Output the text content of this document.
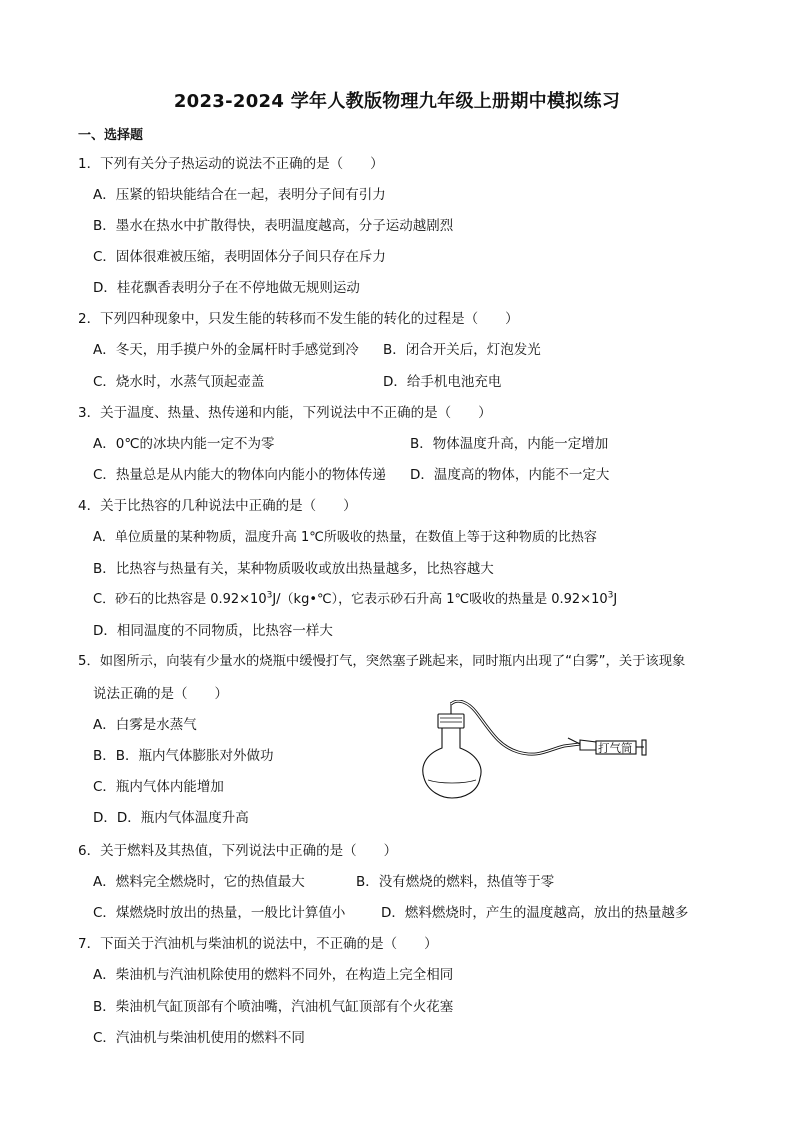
2023-2024 学年人教版物理九年级上册期中模拟练习
一、选择题
1．下列有关分子热运动的说法不正确的是（　　）
A．压紧的铅块能结合在一起，表明分子间有引力
B．墨水在热水中扩散得快，表明温度越高，分子运动越剧烈
C．固体很难被压缩，表明固体分子间只存在斥力
D．桂花飘香表明分子在不停地做无规则运动
2．下列四种现象中，只发生能的转移而不发生能的转化的过程是（　　）
A．冬天，用手摸户外的金属杆时手感觉到冷 B．闭合开关后，灯泡发光
C．烧水时，水蒸气顶起壶盖	D．给手机电池充电
3．关于温度、热量、热传递和内能，下列说法中不正确的是（　　）
A．0℃的冰块内能一定不为零	B．物体温度升高，内能一定增加
C．热量总是从内能大的物体向内能小的物体传递 D．温度高的物体，内能不一定大
4．关于比热容的几种说法中正确的是（　　）
A．单位质量的某种物质，温度升高 1℃所吸收的热量，在数值上等于这种物质的比热容
B．比热容与热量有关，某种物质吸收或放出热量越多，比热容越大
C．砂石的比热容是 $0.92\times 10^3J/(kg•℃)$，它表示砂石升高 1℃吸收的热量是 $0.92\times 10^3J$
D．相同温度的不同物质，比热容一样大
5．如图所示，向装有少量水的烧瓶中缓慢打气，突然塞子跳起来，同时瓶内出现了“白雾”，关于该现象
说法正确的是（　　）
A．白雾是水蒸气
B．B．瓶内气体膨胀对外做功
C．瓶内气体内能增加
D．D．瓶内气体温度升高
打气筒
6．关于燃料及其热值，下列说法中正确的是（　　）
A．燃料完全燃烧时，它的热值最大	B．没有燃烧的燃料，热值等于零
C．煤燃烧时放出的热量，一般比计算值小	D．燃料燃烧时，产生的温度越高，放出的热量越多
7．下面关于汽油机与柴油机的说法中，不正确的是（　　）
A．柴油机与汽油机除使用的燃料不同外，在构造上完全相同
B．柴油机气缸顶部有个喷油嘴，汽油机气缸顶部有个火花塞
C．汽油机与柴油机使用的燃料不同
